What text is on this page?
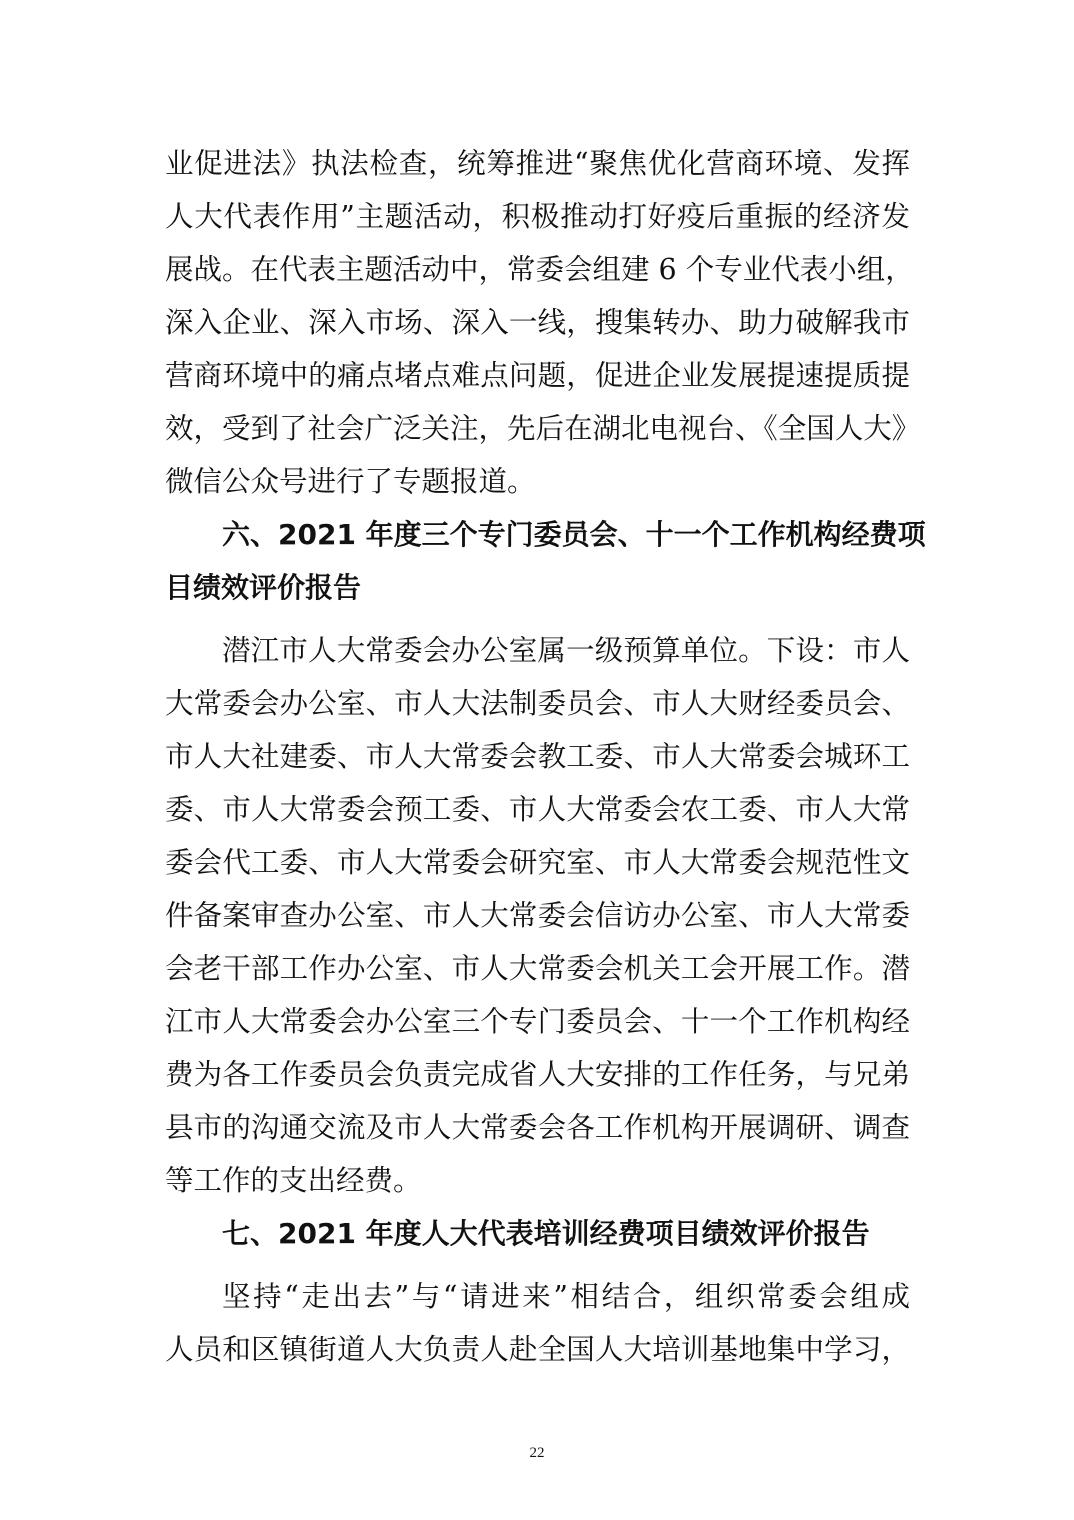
业促进法》执法检查，统筹推进“聚焦优化营商环境、发挥
人大代表作用”主题活动，积极推动打好疫后重振的经济发
展战。在代表主题活动中，常委会组建 6 个专业代表小组，
深入企业、深入市场、深入一线，搜集转办、助力破解我市
营商环境中的痛点堵点难点问题，促进企业发展提速提质提
效，受到了社会广泛关注，先后在湖北电视台、《全国人大》
微信公众号进行了专题报道。
六、2021 年度三个专门委员会、十一个工作机构经费项
目绩效评价报告
潜江市人大常委会办公室属一级预算单位。下设：市人
大常委会办公室、市人大法制委员会、市人大财经委员会、
市人大社建委、市人大常委会教工委、市人大常委会城环工
委、市人大常委会预工委、市人大常委会农工委、市人大常
委会代工委、市人大常委会研究室、市人大常委会规范性文
件备案审查办公室、市人大常委会信访办公室、市人大常委
会老干部工作办公室、市人大常委会机关工会开展工作。潜
江市人大常委会办公室三个专门委员会、十一个工作机构经
费为各工作委员会负责完成省人大安排的工作任务，与兄弟
县市的沟通交流及市人大常委会各工作机构开展调研、调查
等工作的支出经费。
七、2021 年度人大代表培训经费项目绩效评价报告
坚持“走出去”与“请进来”相结合，组织常委会组成
人员和区镇街道人大负责人赴全国人大培训基地集中学习，
22
